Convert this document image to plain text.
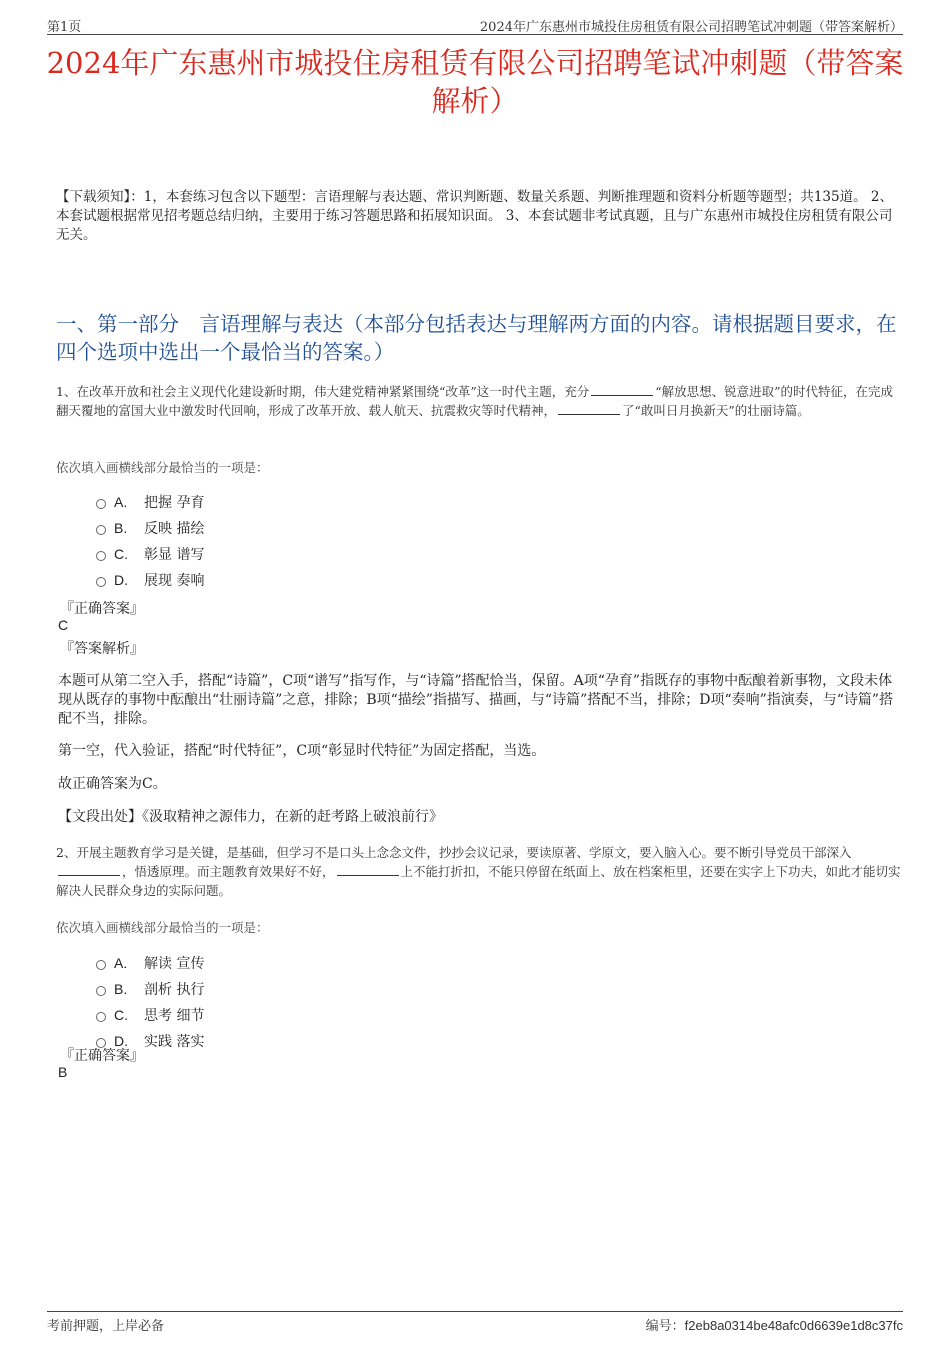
第1页	2024年广东惠州市城投住房租赁有限公司招聘笔试冲刺题（带答案解析）
2024年广东惠州市城投住房租赁有限公司招聘笔试冲刺题（带答案解析）
【下载须知】：1，本套练习包含以下题型：言语理解与表达题、常识判断题、数量关系题、判断推理题和资料分析题等题型；共135道。 2、本套试题根据常见招考题总结归纳，主要用于练习答题思路和拓展知识面。 3、本套试题非考试真题，且与广东惠州市城投住房租赁有限公司无关。
一、第一部分　言语理解与表达（本部分包括表达与理解两方面的内容。请根据题目要求，在四个选项中选出一个最恰当的答案。）
1、在改革开放和社会主义现代化建设新时期，伟大建党精神紧紧围绕“改革”这一时代主题，充分	“解放思想、锐意进取”的时代特征，在完成翻天覆地的富国大业中激发时代回响，形成了改革开放、载人航天、抗震救灾等时代精神，	了“敢叫日月换新天”的壮丽诗篇。
依次填入画横线部分最恰当的一项是：
A. 把握 孕育
B. 反映 描绘
C. 彰显 谱写
D. 展现 奏响
『正确答案』
C
『答案解析』
本题可从第二空入手，搭配“诗篇”，C项“谱写”指写作，与“诗篇”搭配恰当，保留。A项“孕育”指既存的事物中酝酿着新事物，文段未体现从既存的事物中酝酿出“壮丽诗篇”之意，排除；B项“描绘”指描写、描画，与“诗篇”搭配不当，排除；D项“奏响”指演奏，与“诗篇”搭配不当，排除。
第一空，代入验证，搭配“时代特征”，C项“彰显时代特征”为固定搭配，当选。
故正确答案为C。
【文段出处】《汲取精神之源伟力，在新的赶考路上破浪前行》
2、开展主题教育学习是关键，是基础，但学习不是口头上念念文件，抄抄会议记录，要读原著、学原文，要入脑入心。要不断引导党员干部深入，悟透原理。而主题教育效果好不好，	上不能打折扣，不能只停留在纸面上、放在档案柜里，还要在实字上下功夫，如此才能切实解决人民群众身边的实际问题。
依次填入画横线部分最恰当的一项是：
A. 解读 宣传
B. 剖析 执行
C. 思考 细节
D. 实践 落实
『正确答案』
B
考前押题，上岸必备	编号：f2eb8a0314be48afc0d6639e1d8c37fc
